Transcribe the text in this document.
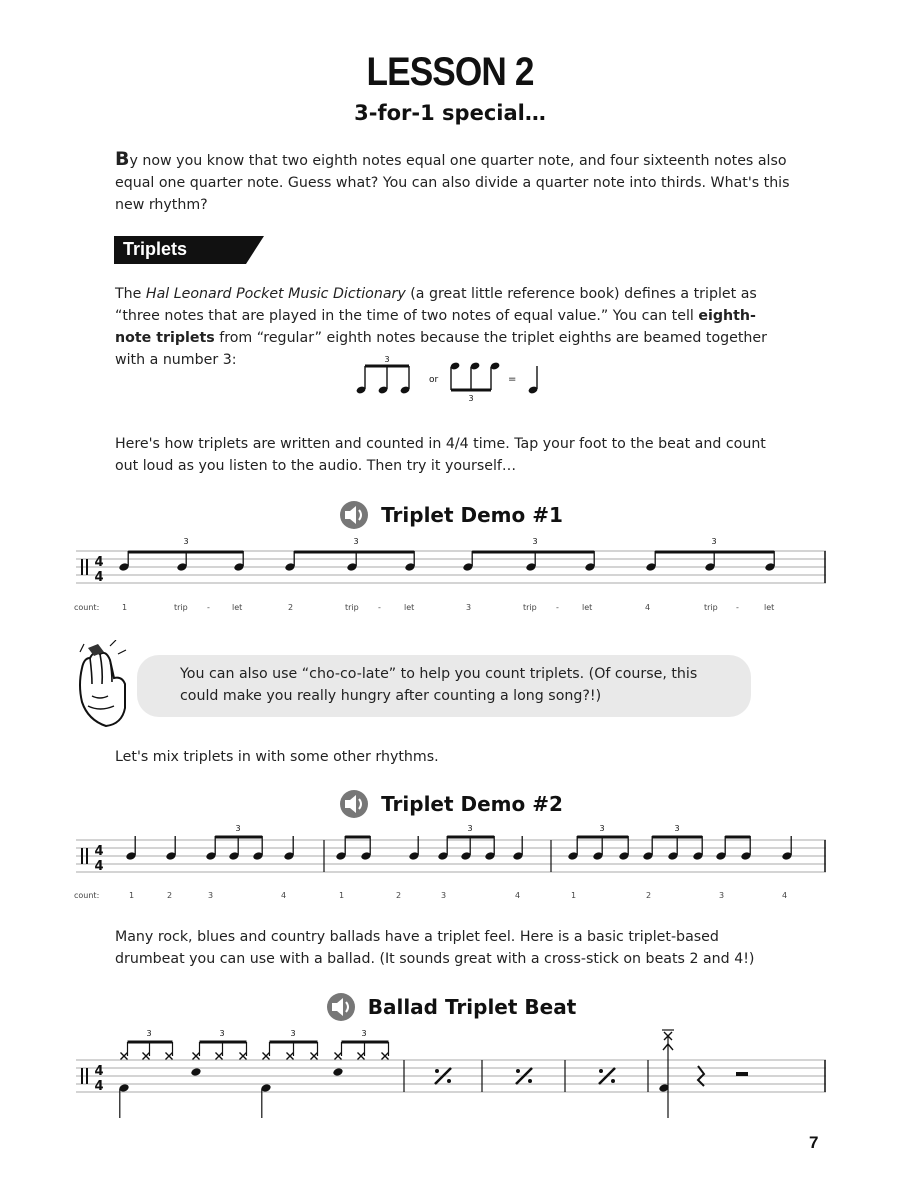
LESSON 2
3-for-1 special…
By now you know that two eighth notes equal one quarter note, and four sixteenth notes also equal one quarter note. Guess what? You can also divide a quarter note into thirds. What's this new rhythm?
Triplets
The Hal Leonard Pocket Music Dictionary (a great little reference book) defines a triplet as “three notes that are played in the time of two notes of equal value.” You can tell eighth-note triplets from “regular” eighth notes because the triplet eighths are beamed together with a number 3:	3
or
3
=
Here's how triplets are written and counted in 4/4 time. Tap your foot to the beat and count out loud as you listen to the audio. Then try it yourself…
Triplet Demo #1
4
4
3	3	3	3
count:	1	trip -	let	2	trip -	let	3	trip -	let	4	trip -	let
You can also use “cho-co-late” to help you count triplets. (Of course, this could make you really hungry after counting a long song?!)
Let's mix triplets in with some other rhythms.
Triplet Demo #2
4
4
3	3	3	3
count:	1	2	3	4	1	2	3	4	1	2	3	4
Many rock, blues and country ballads have a triplet feel. Here is a basic triplet-based drumbeat you can use with a ballad. (It sounds great with a cross-stick on beats 2 and 4!)
Ballad Triplet Beat
4
4
3	3	3	3
7
